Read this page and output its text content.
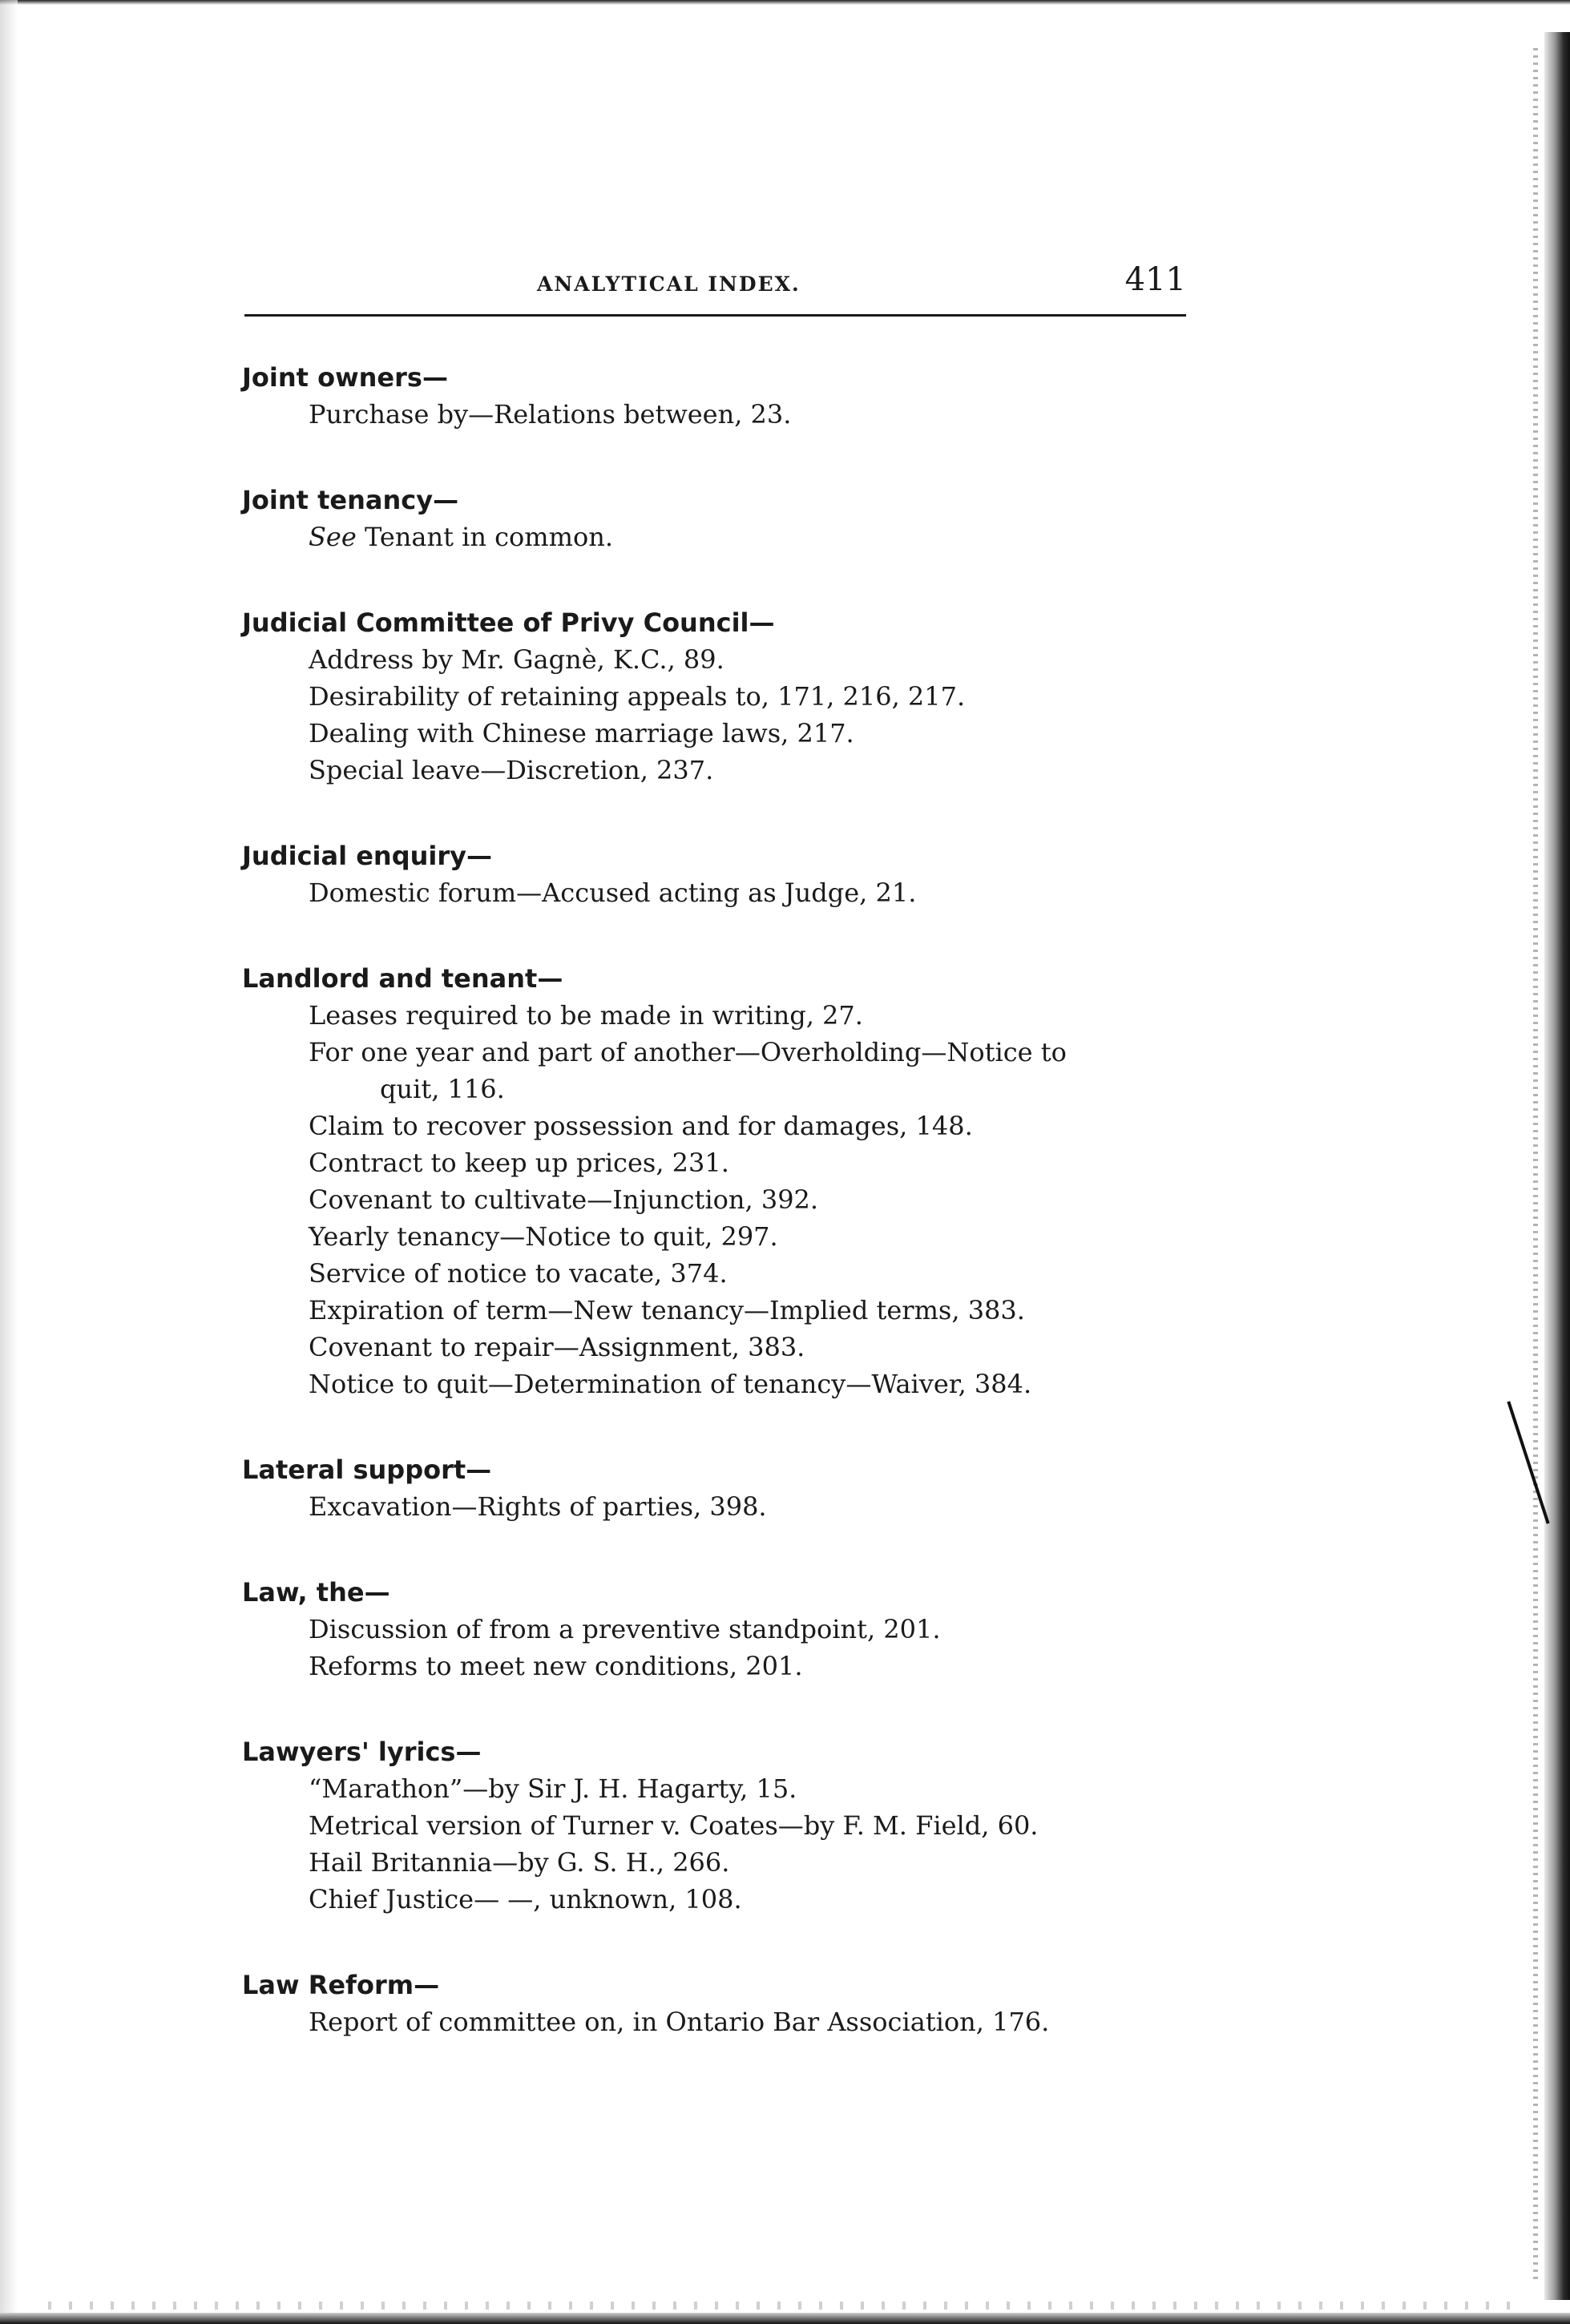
ANALYTICAL INDEX.	411
Joint owners—
Purchase by—Relations between, 23.
Joint tenancy—
See Tenant in common.
Judicial Committee of Privy Council—
Address by Mr. Gagnè, K.C., 89.
Desirability of retaining appeals to, 171, 216, 217.
Dealing with Chinese marriage laws, 217.
Special leave—Discretion, 237.
Judicial enquiry—
Domestic forum—Accused acting as Judge, 21.
Landlord and tenant—
Leases required to be made in writing, 27.
For one year and part of another—Overholding—Notice to
quit, 116.
Claim to recover possession and for damages, 148.
Contract to keep up prices, 231.
Covenant to cultivate—Injunction, 392.
Yearly tenancy—Notice to quit, 297.
Service of notice to vacate, 374.
Expiration of term—New tenancy—Implied terms, 383.
Covenant to repair—Assignment, 383.
Notice to quit—Determination of tenancy—Waiver, 384.
Lateral support—
Excavation—Rights of parties, 398.
Law, the—
Discussion of from a preventive standpoint, 201.
Reforms to meet new conditions, 201.
Lawyers' lyrics—
“Marathon”—by Sir J. H. Hagarty, 15.
Metrical version of Turner v. Coates—by F. M. Field, 60.
Hail Britannia—by G. S. H., 266.
Chief Justice— —, unknown, 108.
Law Reform—
Report of committee on, in Ontario Bar Association, 176.
